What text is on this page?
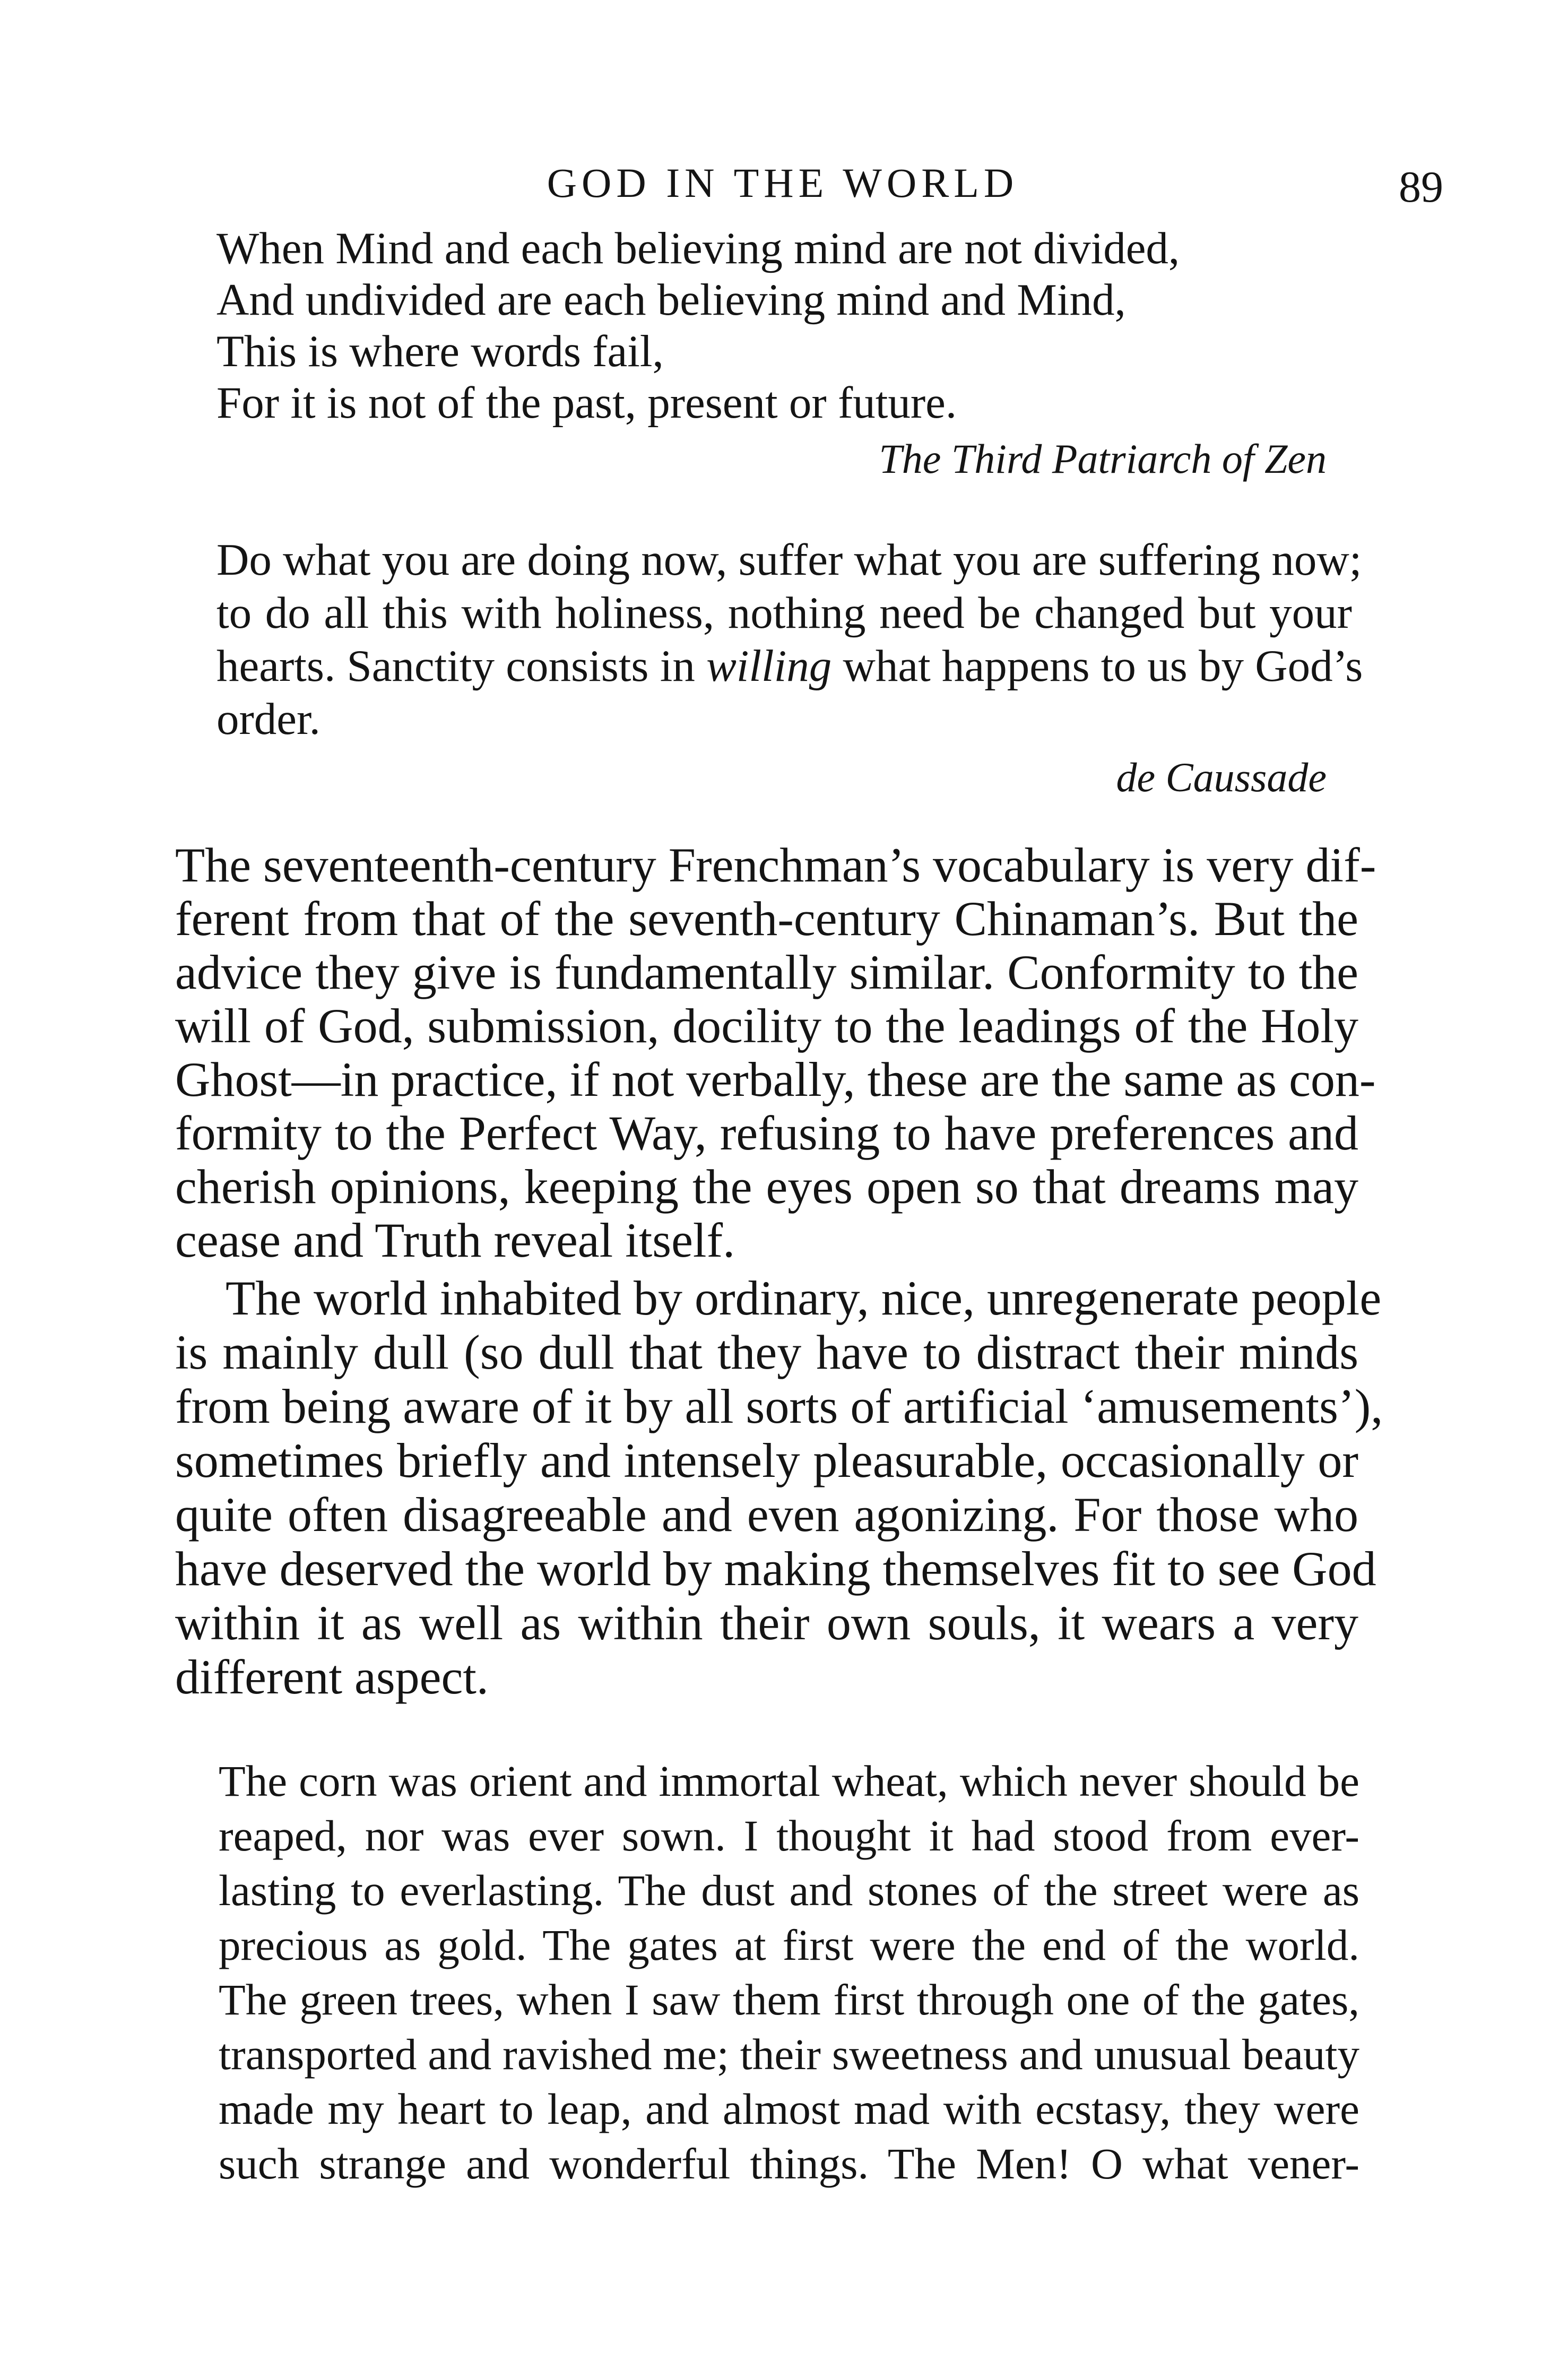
GOD IN THE WORLD	89
When Mind and each believing mind are not divided,
And undivided are each believing mind and Mind,
This is where words fail,
For it is not of the past, present or future.
The Third Patriarch of Zen
Do what you are doing now, suffer what you are suffering now;
to do all this with holiness, nothing need be changed but your
hearts. Sanctity consists in willing what happens to us by God’s
order.
de Caussade
The seventeenth-century Frenchman’s vocabulary is very dif-
ferent from that of the seventh-century Chinaman’s. But the
advice they give is fundamentally similar. Conformity to the
will of God, submission, docility to the leadings of the Holy
Ghost—in practice, if not verbally, these are the same as con-
formity to the Perfect Way, refusing to have preferences and
cherish opinions, keeping the eyes open so that dreams may
cease and Truth reveal itself.
The world inhabited by ordinary, nice, unregenerate people
is mainly dull (so dull that they have to distract their minds
from being aware of it by all sorts of artificial ‘amusements’),
sometimes briefly and intensely pleasurable, occasionally or
quite often disagreeable and even agonizing. For those who
have deserved the world by making themselves fit to see God
within it as well as within their own souls, it wears a very
different aspect.
The corn was orient and immortal wheat, which never should be
reaped, nor was ever sown. I thought it had stood from ever-
lasting to everlasting. The dust and stones of the street were as
precious as gold. The gates at first were the end of the world.
The green trees, when I saw them first through one of the gates,
transported and ravished me; their sweetness and unusual beauty
made my heart to leap, and almost mad with ecstasy, they were
such strange and wonderful things. The Men! O what vener-
